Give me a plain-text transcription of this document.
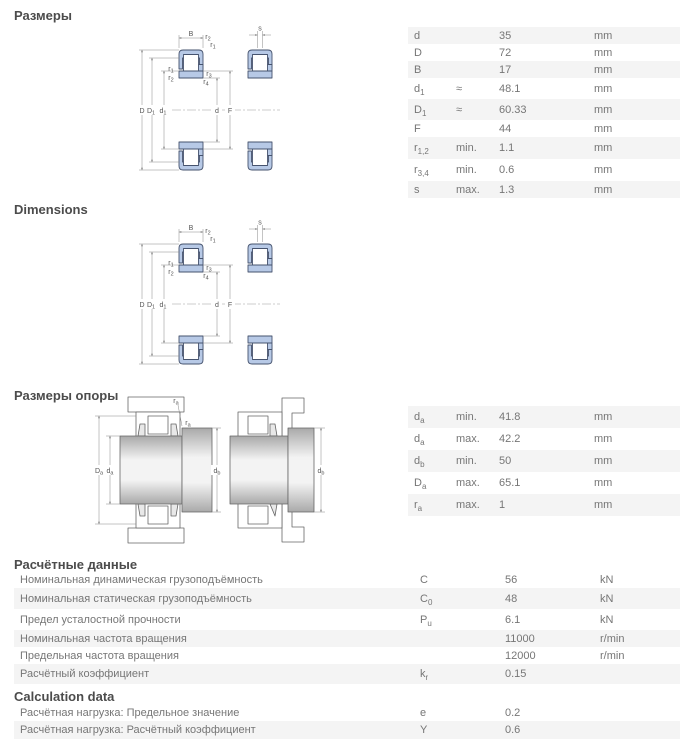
Размеры
d	35	mm
D	72	mm
B	17	mm
$d_1$	≈	48.1	mm
$D_1$	≈	60.33	mm
F	44	mm
$r_{1,2}$	min.	1.1	mm
$r_{3,4}$	min.	0.6	mm
s	max.	1.3	mm
Dimensions
Размеры опоры
$D_a$ $d_a$	$d_b$
$r_a$
$r_a$
$d_b$
$d_a$	min.	41.8	mm
$d_a$	max.	42.2	mm
$d_b$	min.	50	mm
$D_a$	max.	65.1	mm
$r_a$	max.	1	mm
Расчётные данные
Номинальная динамическая грузоподъёмность	C	56	kN
Номинальная статическая грузоподъёмность	$C_0$	48	kN
Предел усталостной прочности	$P_u$	6.1	kN
Номинальная частота вращения	11000	r/min
Предельная частота вращения	12000	r/min
Расчётный коэффициент	$k_r$	0.15
Calculation data
Расчётная нагрузка: Предельное значение	e	0.2
Расчётная нагрузка: Расчётный коэффициент	Y	0.6
